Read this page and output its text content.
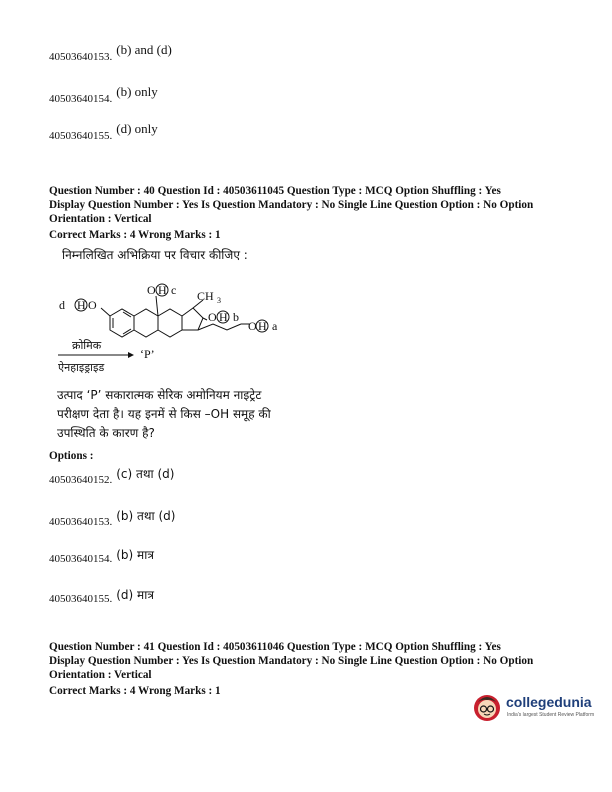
40503640153. $^{(b) and (d)}$
40503640154. $^{(b) only}$
40503640155. $^{(d) only}$
Question Number : 40 Question Id : 40503611045 Question Type : MCQ Option Shuffling : Yes
Display Question Number : Yes Is Question Mandatory : No Single Line Question Option : No Option
Orientation : Vertical
Correct Marks : 4 Wrong Marks : 1
निम्नलिखित अभिक्रिया पर विचार कीजिए :
d H O
O H c CH 3
O H b
O H a
क्रोमिक
‘P’
ऐनहाइड्राइड
उत्पाद ‘P’ सकारात्मक सेरिक अमोनियम नाइट्रेट
परीक्षण देता है। यह इनमें से किस –OH समूह की
उपस्थिति के कारण है?
Options :
40503640152. $^{(c) तथा (d)}$
40503640153. $^{(b) तथा (d)}$
40503640154. (b) मात्र
40503640155. (d) मात्र
Question Number : 41 Question Id : 40503611046 Question Type : MCQ Option Shuffling : Yes
Display Question Number : Yes Is Question Mandatory : No Single Line Question Option : No Option
Orientation : Vertical
Correct Marks : 4 Wrong Marks : 1
collegedunia
India's largest Student Review Platform
